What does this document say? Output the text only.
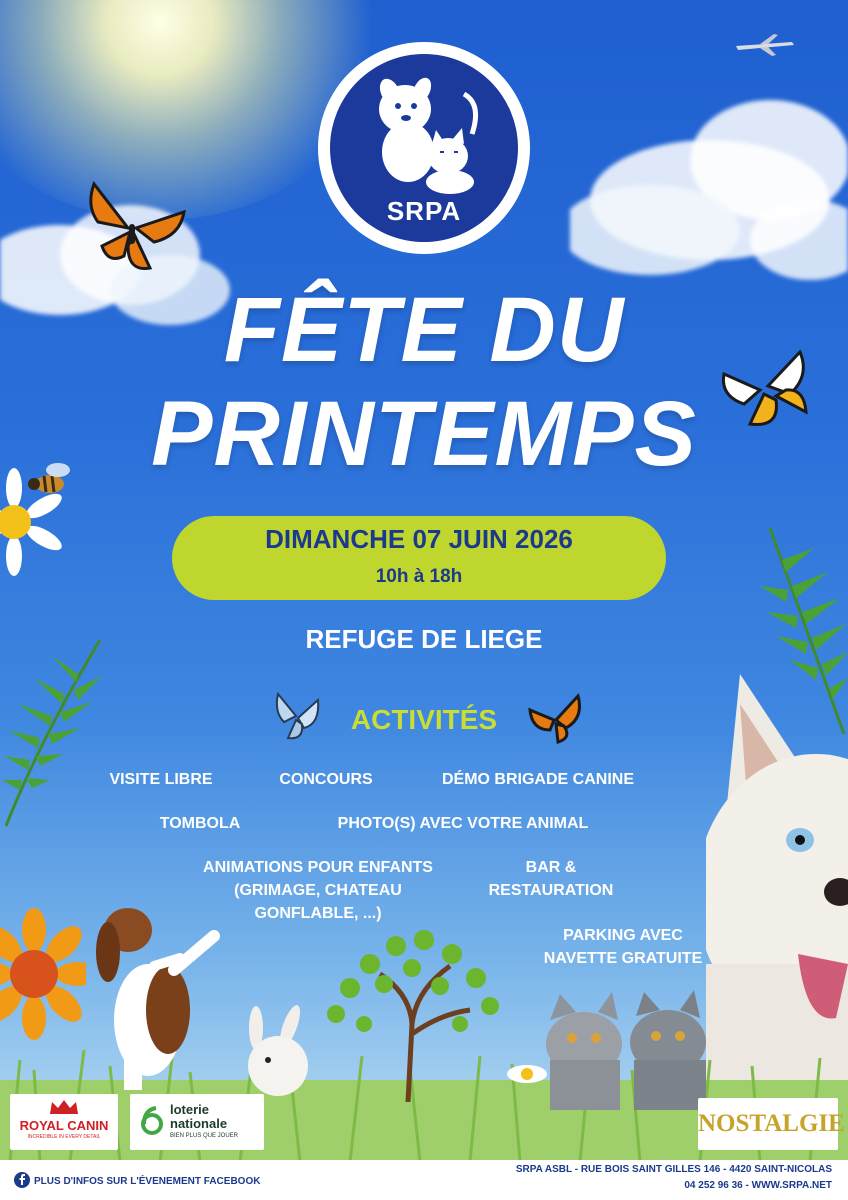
SRPA
FÊTE DU
PRINTEMPS
DIMANCHE 07 JUIN 2026
10h à 18h
REFUGE DE LIEGE
ACTIVITÉS
VISITE LIBRE	CONCOURS	DÉMO BRIGADE CANINE
TOMBOLA	PHOTO(S) AVEC VOTRE ANIMAL
ANIMATIONS POUR ENFANTS
(GRIMAGE, CHATEAU
GONFLABLE, ...)
BAR &
RESTAURATION
PARKING AVEC
NAVETTE GRATUITE
ROYAL CANIN
INCREDIBLE IN EVERY DETAIL
loterie
nationale
BIEN PLUS QUE JOUER	NOSTALGIE
PLUS D'INFOS SUR L'ÉVENEMENT FACEBOOK
SRPA ASBL - RUE BOIS SAINT GILLES 146 - 4420 SAINT-NICOLAS
04 252 96 36 - WWW.SRPA.NET
